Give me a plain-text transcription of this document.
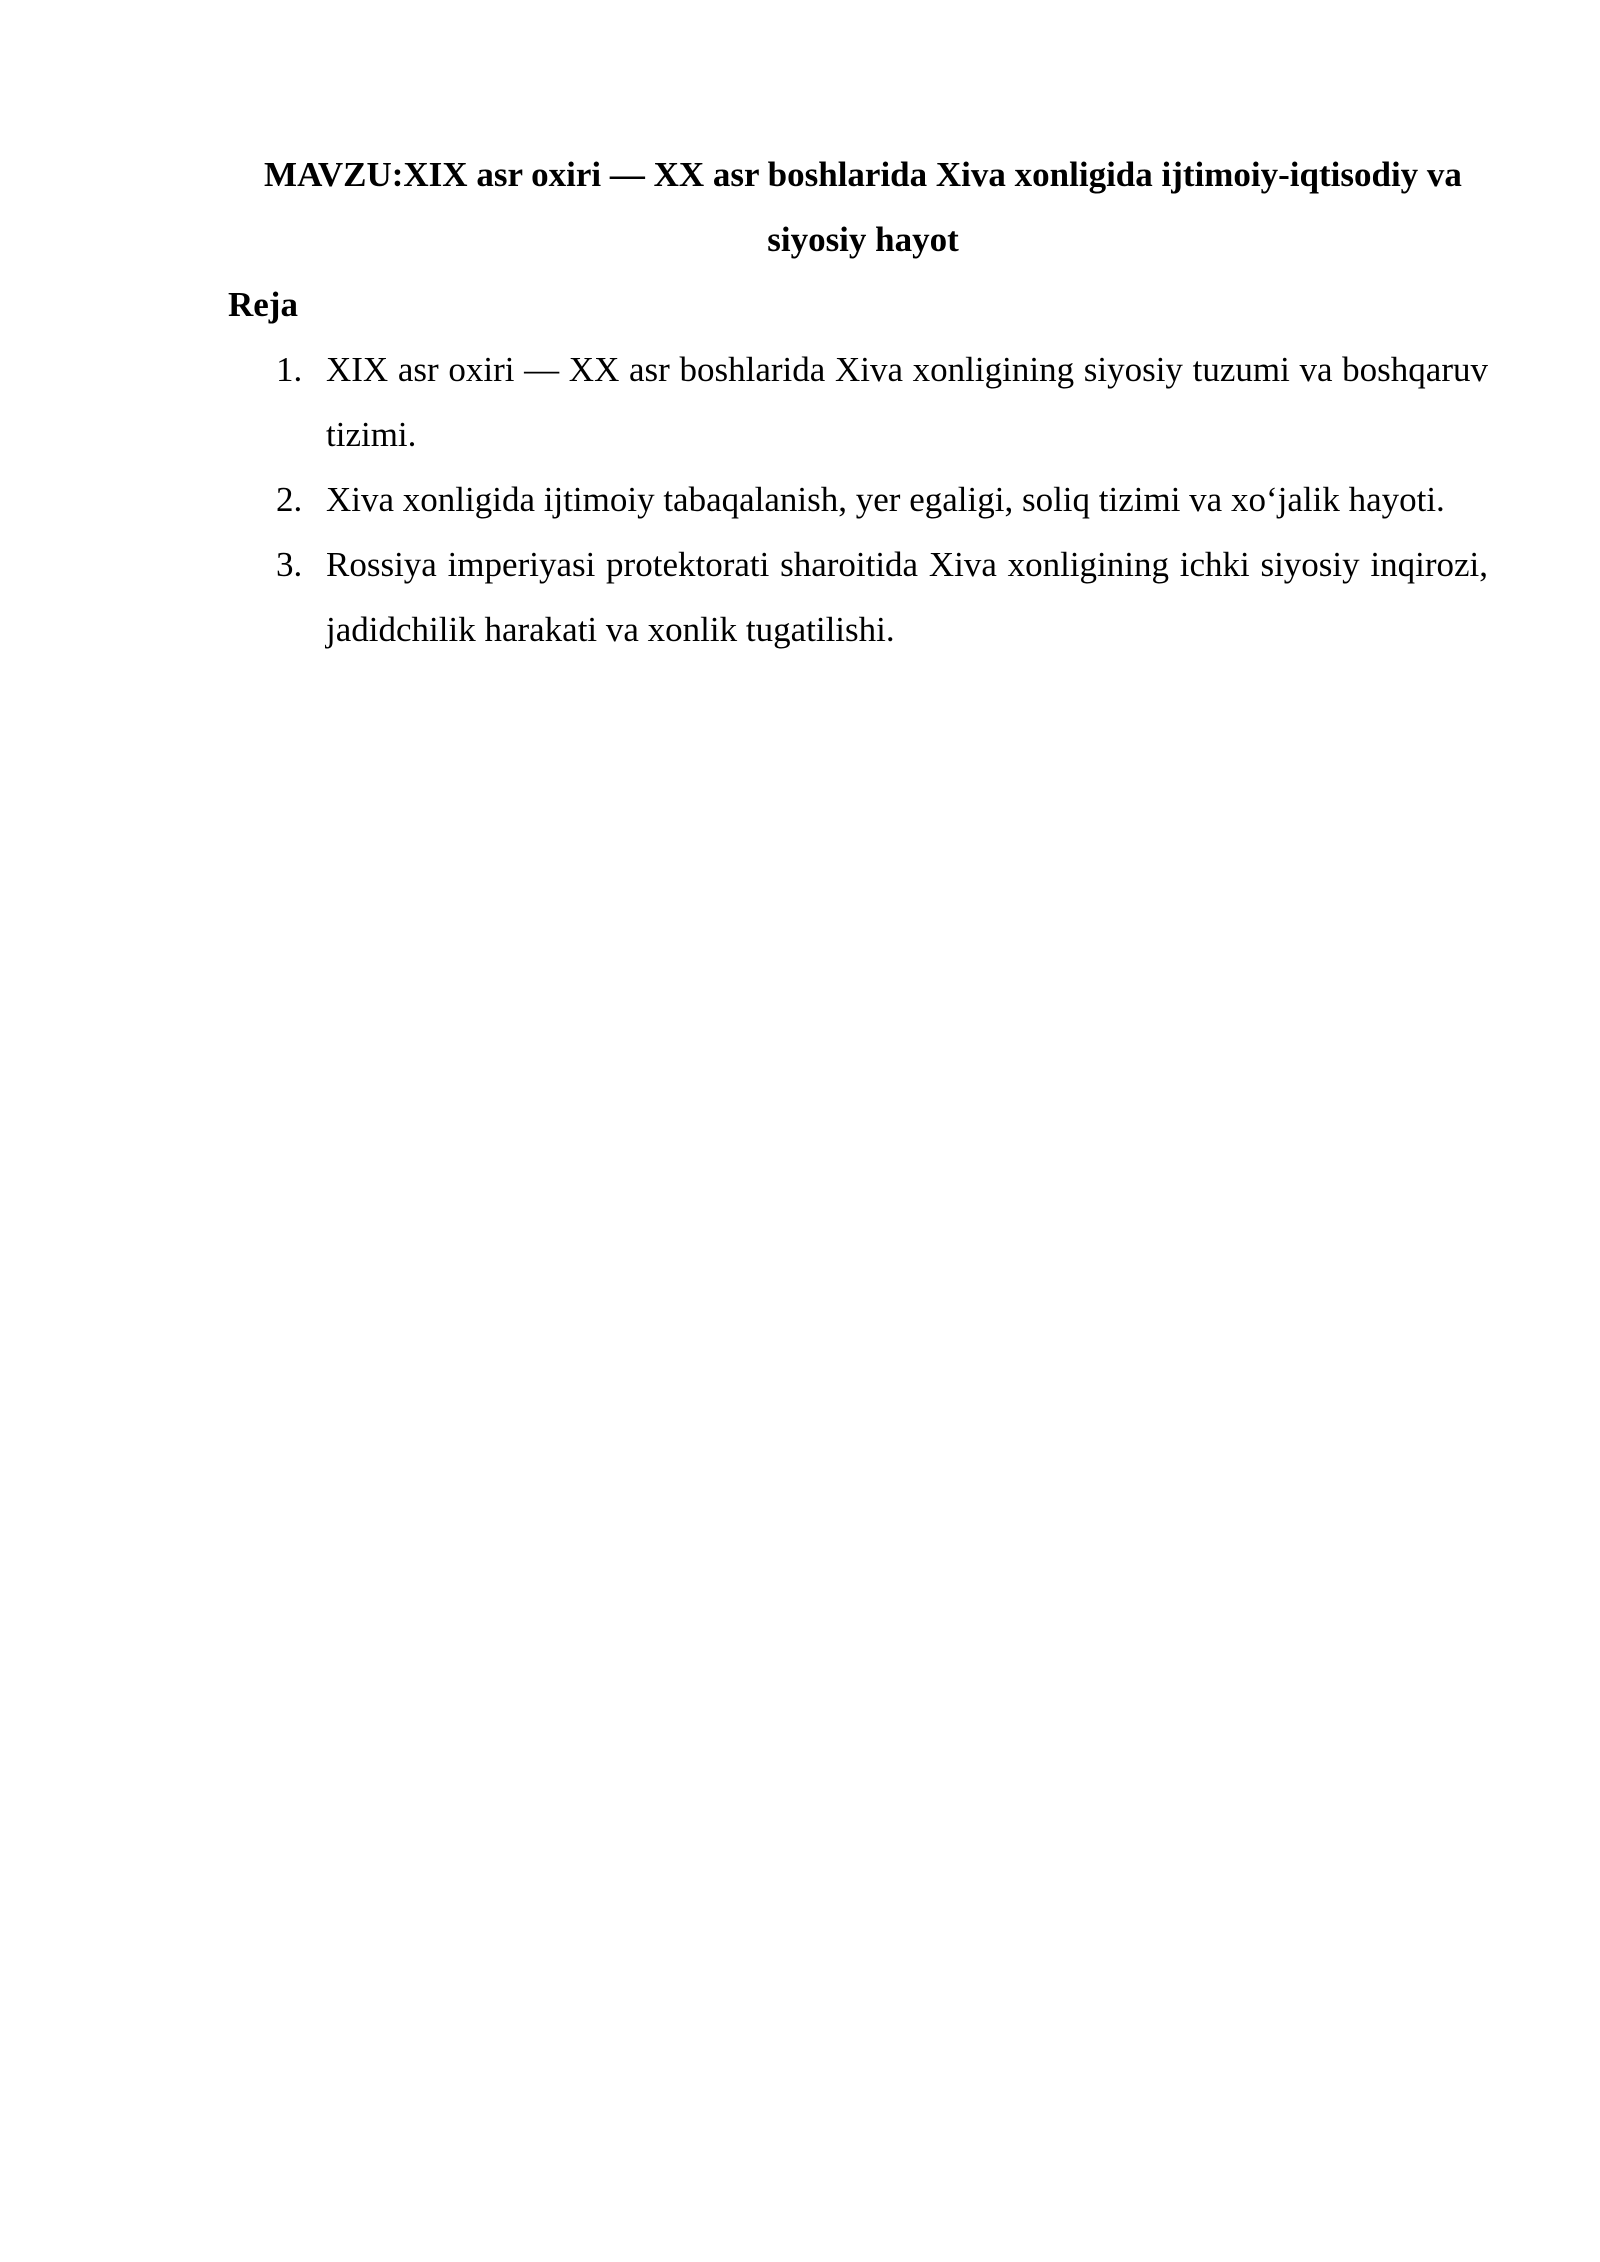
MAVZU:XIX asr oxiri — XX asr boshlarida Xiva xonligida ijtimoiy-iqtisodiy va siyosiy hayot

Reja

1. XIX asr oxiri — XX asr boshlarida Xiva xonligining siyosiy tuzumi va boshqaruv tizimi.
2. Xiva xonligida ijtimoiy tabaqalanish, yer egaligi, soliq tizimi va xo‘jalik hayoti.
3. Rossiya imperiyasi protektorati sharoitida Xiva xonligining ichki siyosiy inqirozi, jadidchilik harakati va xonlik tugatilishi.
